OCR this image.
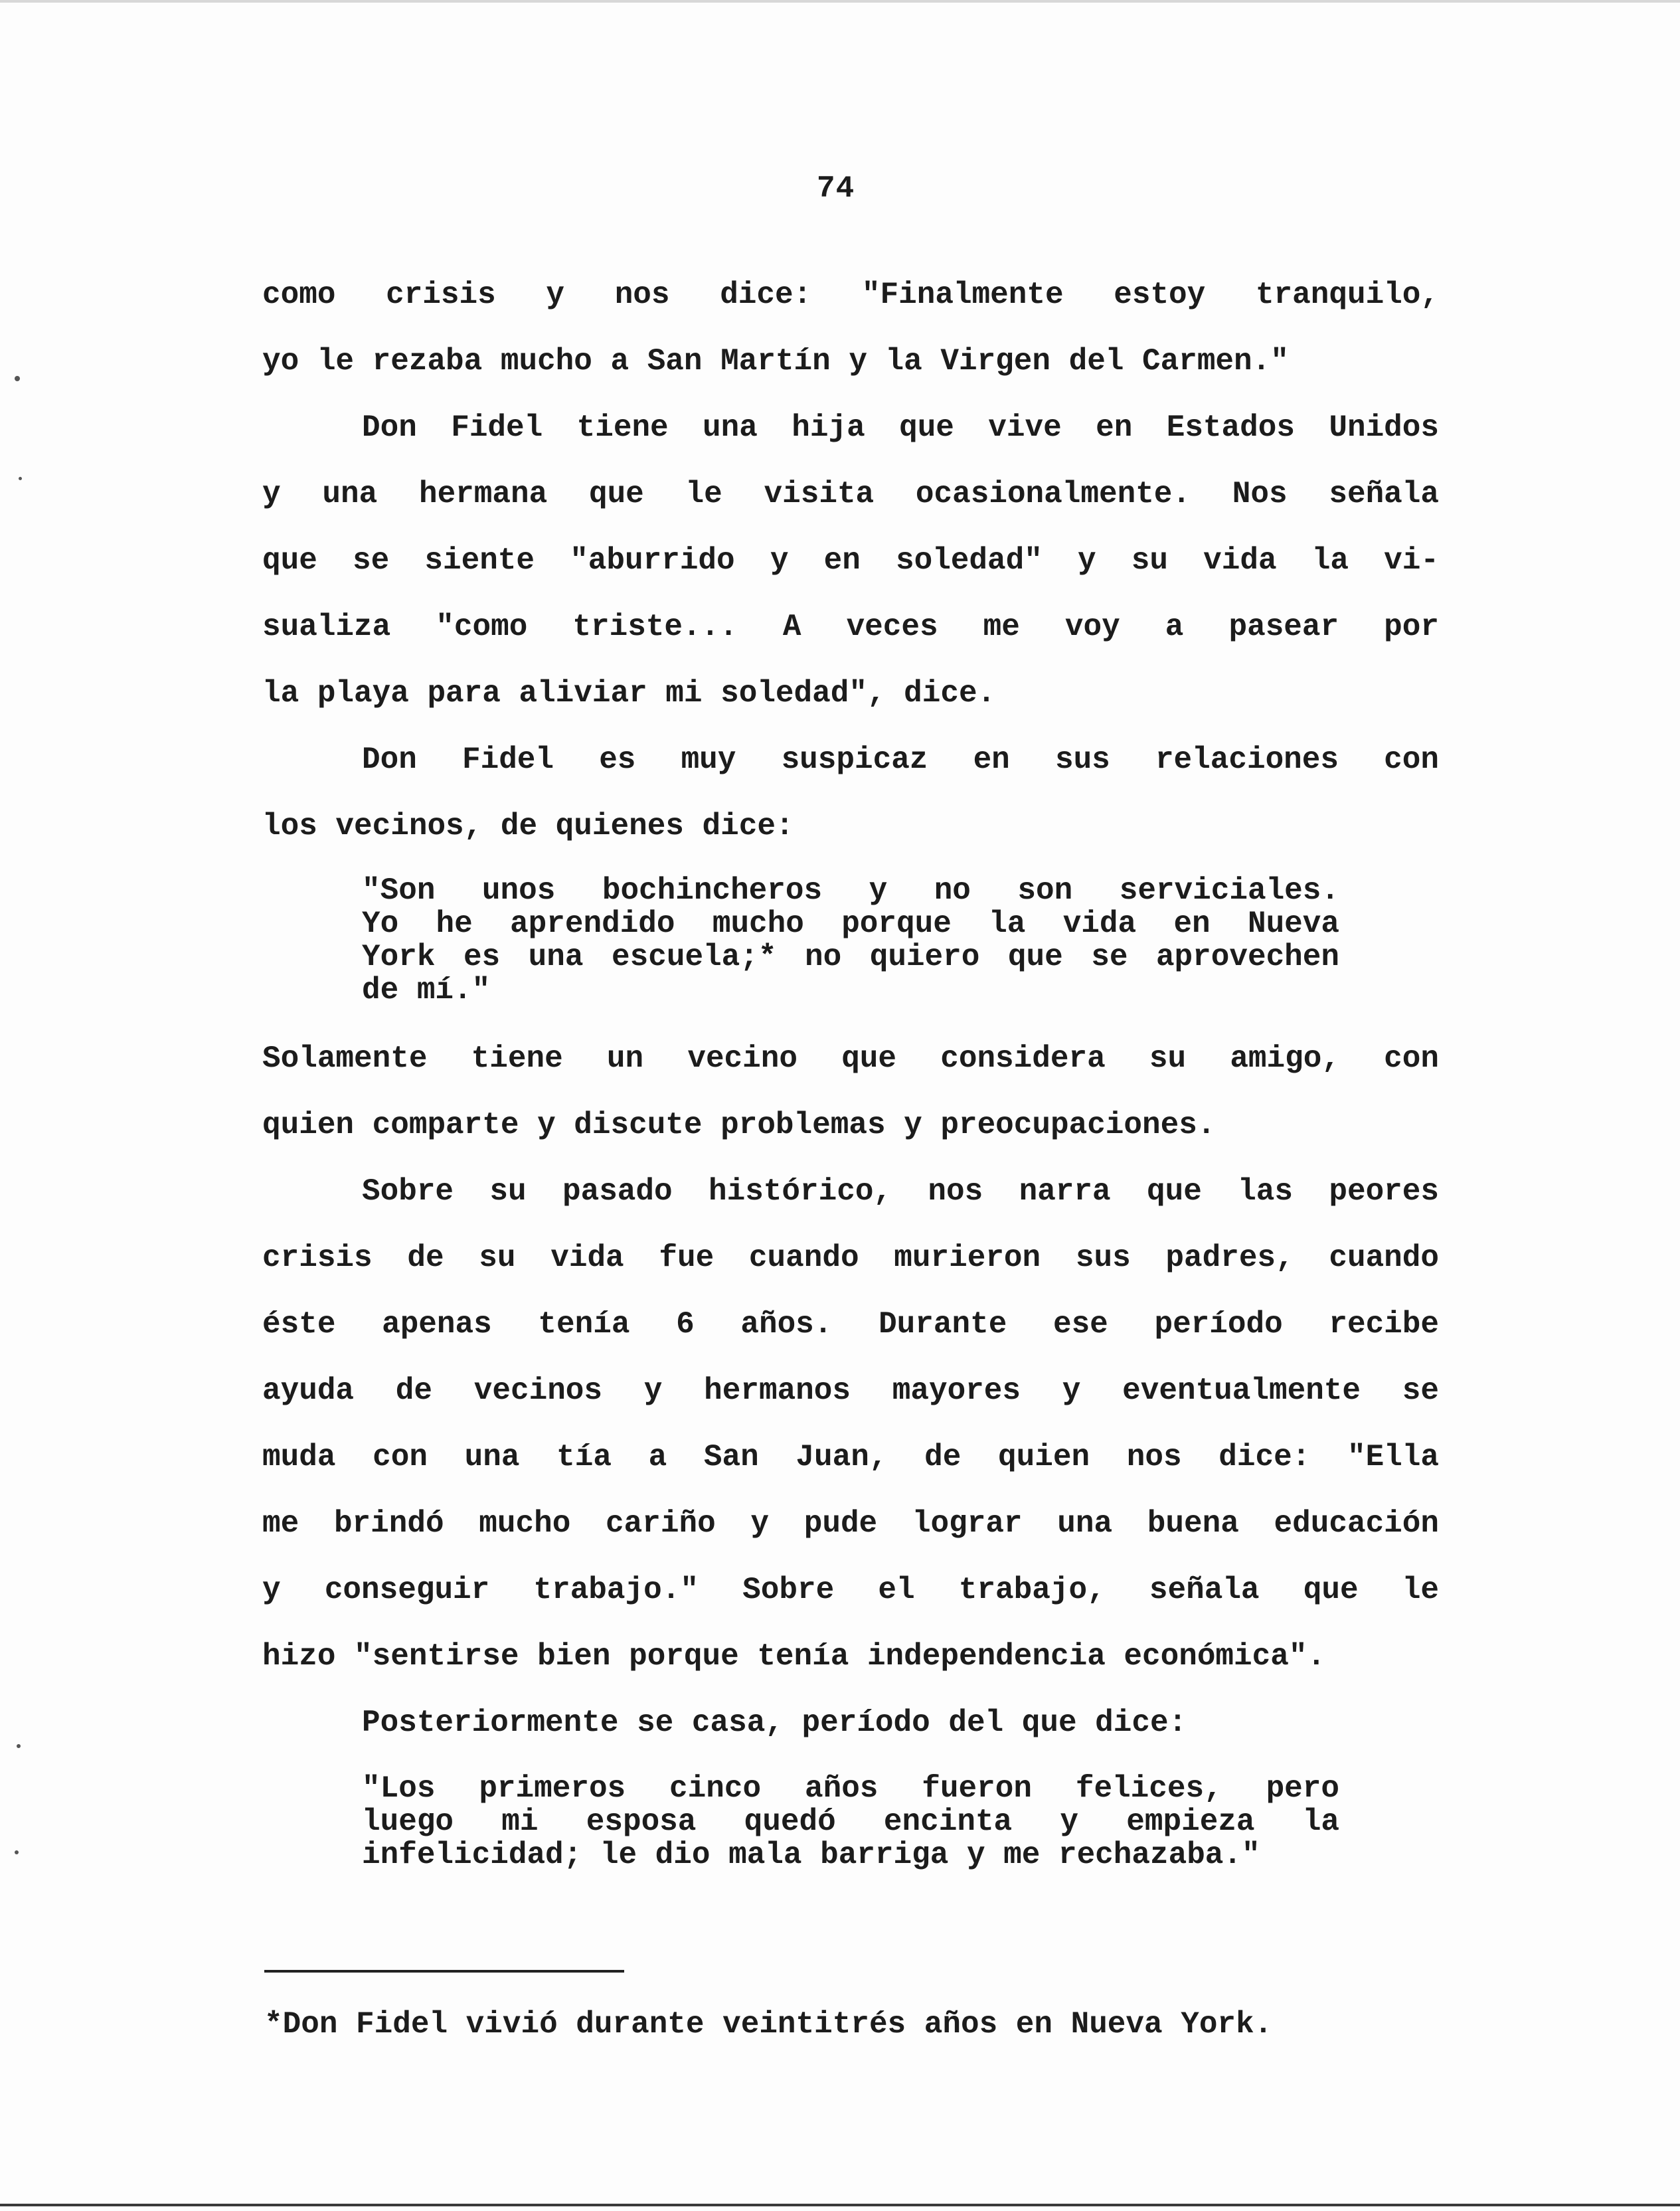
74
como crisis y nos dice: "Finalmente estoy tranquilo,
yo le rezaba mucho a San Martín y la Virgen del Carmen."
Don Fidel tiene una hija que vive en Estados Unidos
y una hermana que le visita ocasionalmente. Nos señala
que se siente "aburrido y en soledad" y su vida la vi-
sualiza "como triste... A veces me voy a pasear por
la playa para aliviar mi soledad", dice.
Don Fidel es muy suspicaz en sus relaciones con
los vecinos, de quienes dice:
"Son unos bochincheros y no son serviciales.
Yo he aprendido mucho porque la vida en Nueva
York es una escuela;* no quiero que se aprovechen
de mí."
Solamente tiene un vecino que considera su amigo, con
quien comparte y discute problemas y preocupaciones.
Sobre su pasado histórico, nos narra que las peores
crisis de su vida fue cuando murieron sus padres, cuando
éste apenas tenía 6 años. Durante ese período recibe
ayuda de vecinos y hermanos mayores y eventualmente se
muda con una tía a San Juan, de quien nos dice: "Ella
me brindó mucho cariño y pude lograr una buena educación
y conseguir trabajo." Sobre el trabajo, señala que le
hizo "sentirse bien porque tenía independencia económica".
Posteriormente se casa, período del que dice:
"Los primeros cinco años fueron felices, pero
luego mi esposa quedó encinta y empieza la
infelicidad; le dio mala barriga y me rechazaba."
*Don Fidel vivió durante veintitrés años en Nueva York.
